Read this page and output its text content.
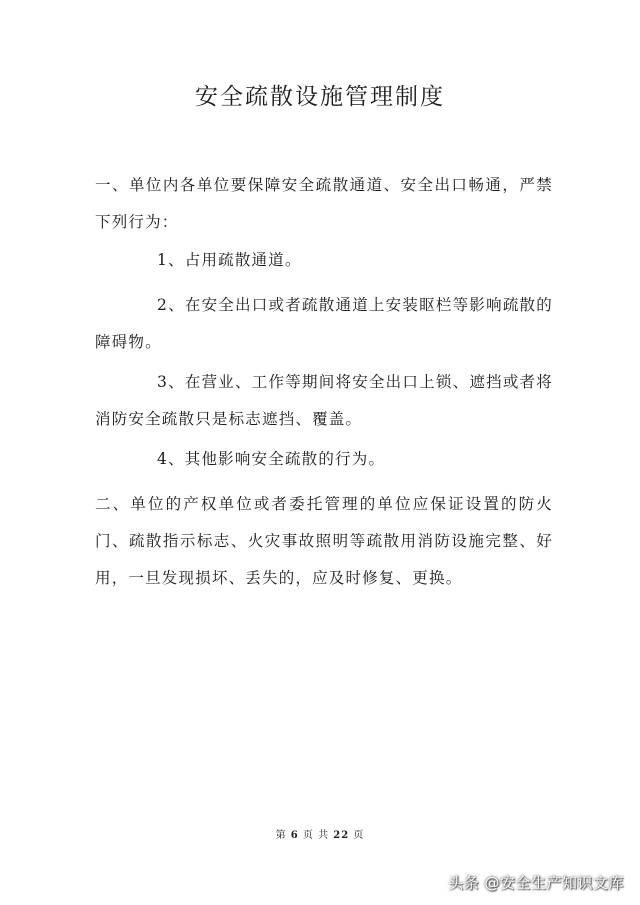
安全疏散设施管理制度

一、单位内各单位要保障安全疏散通道、安全出口畅通，严禁下列行为：

1、占用疏散通道。

2、在安全出口或者疏散通道上安装眍栏等影响疏散的障碍物。

3、在营业、工作等期间将安全出口上锁、遮挡或者将消防安全疏散只是标志遮挡、覆盖。

4、其他影响安全疏散的行为。

二、单位的产权单位或者委托管理的单位应保证设置的防火门、疏散指示标志、火灾事故照明等疏散用消防设施完整、好用，一旦发现损坏、丢失的，应及时修复、更换。

第 6 页 共 22 页
头条 @安全生产知识文库
